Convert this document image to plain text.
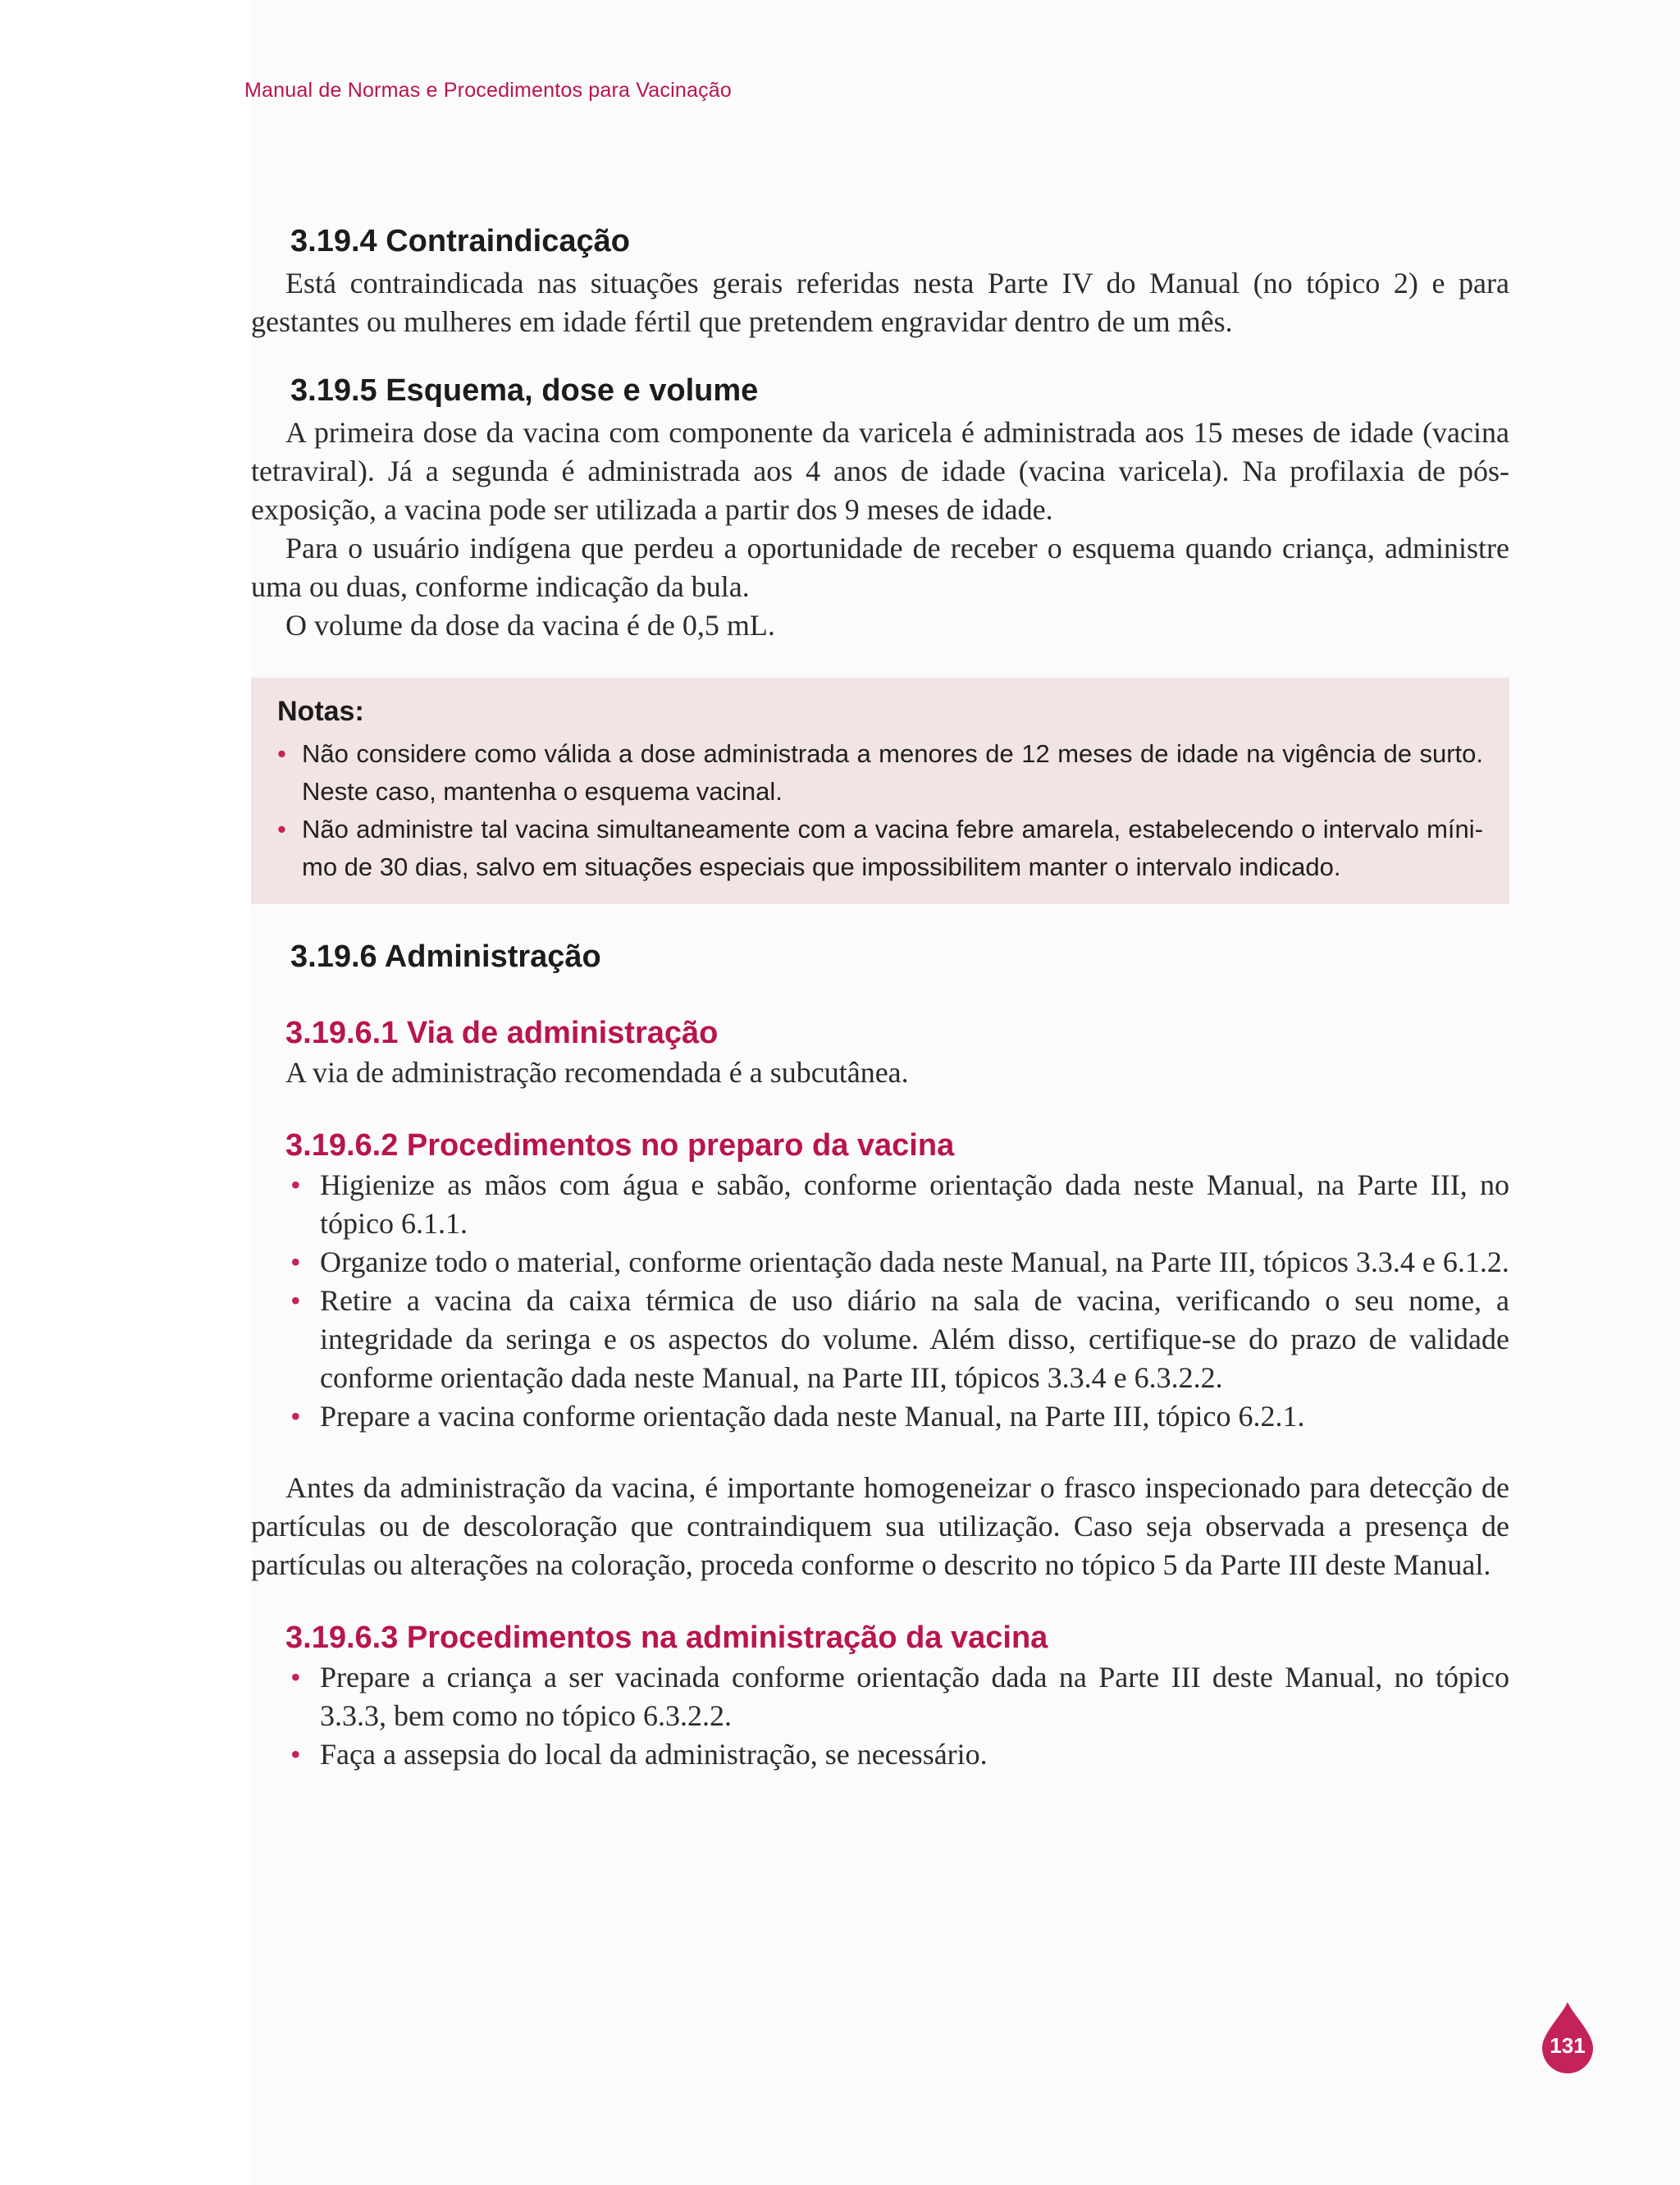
Manual de Normas e Procedimentos para Vacinação
3.19.4 Contraindicação

Está contraindicada nas situações gerais referidas nesta Parte IV do Manual (no tópico 2) e para gestantes ou mulheres em idade fértil que pretendem engravidar dentro de um mês.

3.19.5 Esquema, dose e volume

A primeira dose da vacina com componente da varicela é administrada aos 15 meses de idade (vacina tetraviral). Já a segunda é administrada aos 4 anos de idade (vacina varicela). Na profilaxia de pós-exposição, a vacina pode ser utilizada a partir dos 9 meses de idade.

Para o usuário indígena que perdeu a oportunidade de receber o esquema quando criança, administre uma ou duas, conforme indicação da bula.

O volume da dose da vacina é de 0,5 mL.

Notas:
• Não considere como válida a dose administrada a menores de 12 meses de idade na vigência de surto. Neste caso, mantenha o esquema vacinal.
• Não administre tal vacina simultaneamente com a vacina febre amarela, estabelecendo o intervalo míni-mo de 30 dias, salvo em situações especiais que impossibilitem manter o intervalo indicado.
3.19.6 Administração
3.19.6.1 Via de administração

A via de administração recomendada é a subcutânea.

3.19.6.2 Procedimentos no preparo da vacina
• Higienize as mãos com água e sabão, conforme orientação dada neste Manual, na Parte III, no tópico 6.1.1.
• Organize todo o material, conforme orientação dada neste Manual, na Parte III, tópicos 3.3.4 e 6.1.2.
• Retire a vacina da caixa térmica de uso diário na sala de vacina, verificando o seu nome, a integridade da seringa e os aspectos do volume. Além disso, certifique-se do prazo de validade conforme orientação dada neste Manual, na Parte III, tópicos 3.3.4 e 6.3.2.2.
• Prepare a vacina conforme orientação dada neste Manual, na Parte III, tópico 6.2.1.

Antes da administração da vacina, é importante homogeneizar o frasco inspecionado para detecção de partículas ou de descoloração que contraindiquem sua utilização. Caso seja observada a presença de partículas ou alterações na coloração, proceda conforme o descrito no tópico 5 da Parte III deste Manual.

3.19.6.3 Procedimentos na administração da vacina
• Prepare a criança a ser vacinada conforme orientação dada na Parte III deste Manual, no tópico 3.3.3, bem como no tópico 6.3.2.2.
• Faça a assepsia do local da administração, se necessário.
131
